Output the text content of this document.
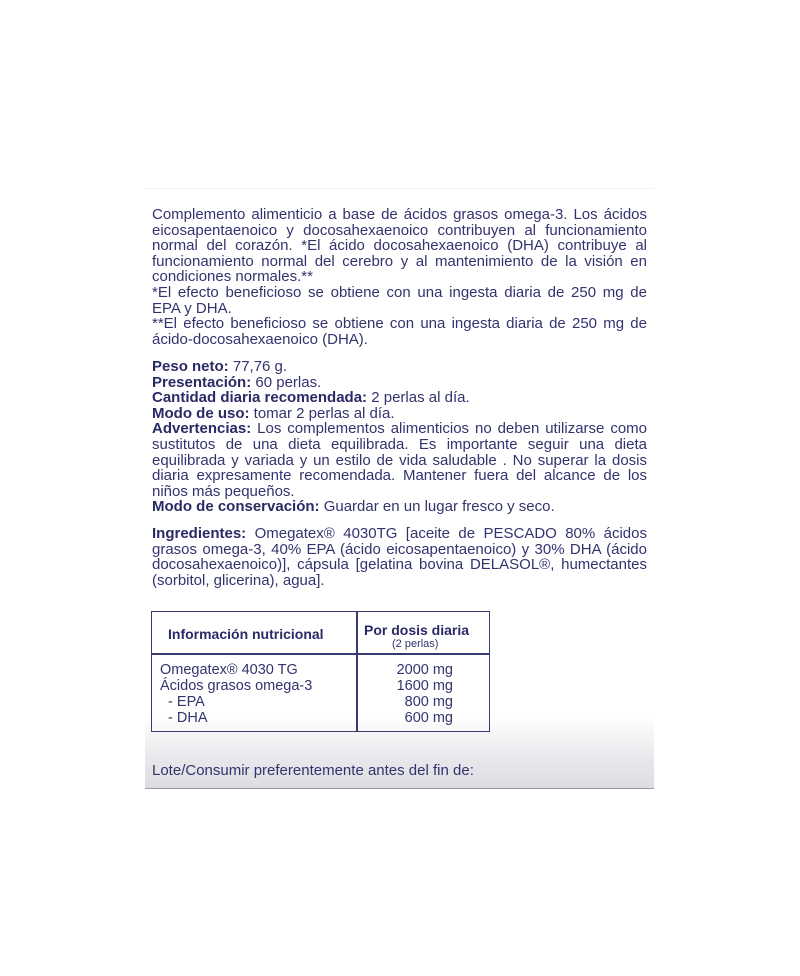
Complemento alimenticio a base de ácidos grasos omega-3. Los ácidos eicosapentaenoico y docosahexaenoico contribuyen al funcionamiento normal del corazón. *El ácido docosahexaenoico (DHA) contribuye al funcionamiento normal del cerebro y al mantenimiento de la visión en condiciones normales.**

*El efecto beneficioso se obtiene con una ingesta diaria de 250 mg de EPA y DHA.

**El efecto beneficioso se obtiene con una ingesta diaria de 250 mg de ácido-docosahexaenoico (DHA).

Peso neto: 77,76 g.

Presentación: 60 perlas.

Cantidad diaria recomendada: 2 perlas al día.

Modo de uso: tomar 2 perlas al día.

Advertencias: Los complementos alimenticios no deben utilizarse como sustitutos de una dieta equilibrada. Es importante seguir una dieta equilibrada y variada y un estilo de vida saludable . No superar la dosis diaria expresamente recomendada. Mantener fuera del alcance de los niños más pequeños.

Modo de conservación: Guardar en un lugar fresco y seco.

Ingredientes: Omegatex® 4030TG [aceite de PESCADO 80% ácidos grasos omega-3, 40% EPA (ácido eicosapentaenoico) y 30% DHA (ácido docosahexaenoico)], cápsula [gelatina bovina DELASOL®, humectantes (sorbitol, glicerina), agua].

Información nutricional	Por dosis diaria
(2 perlas)
Omegatex® 4030 TG	2000 mg
Ácidos grasos omega-3	1600 mg
- EPA	800 mg
- DHA	600 mg
Lote/Consumir preferentemente antes del fin de:
